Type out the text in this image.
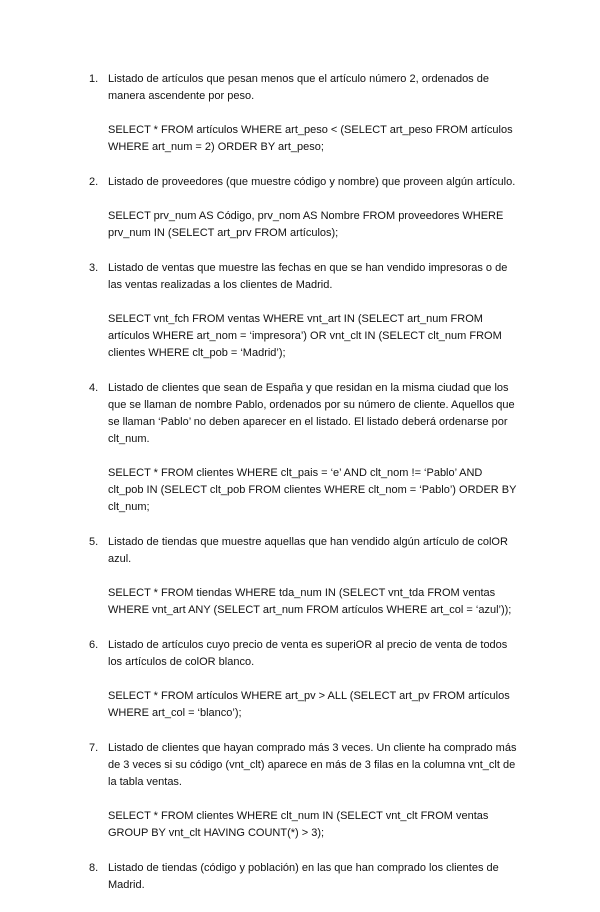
1. Listado de artículos que pesan menos que el artículo número 2, ordenados de manera ascendente por peso.
SELECT * FROM artículos WHERE art_peso < (SELECT art_peso FROM artículos WHERE art_num = 2) ORDER BY art_peso;
2. Listado de proveedores (que muestre código y nombre) que proveen algún artículo.
SELECT prv_num AS Código, prv_nom AS Nombre FROM proveedores WHERE prv_num IN (SELECT art_prv FROM artículos);
3. Listado de ventas que muestre las fechas en que se han vendido impresoras o de las ventas realizadas a los clientes de Madrid.
SELECT vnt_fch FROM ventas WHERE vnt_art IN (SELECT art_num FROM artículos WHERE art_nom = ‘impresora’) OR vnt_clt IN (SELECT clt_num FROM clientes WHERE clt_pob = ‘Madrid’);
4. Listado de clientes que sean de España y que residan en la misma ciudad que los que se llaman de nombre Pablo, ordenados por su número de cliente. Aquellos que se llaman ‘Pablo’ no deben aparecer en el listado. El listado deberá ordenarse por clt_num.
SELECT * FROM clientes WHERE clt_pais = ‘e’ AND clt_nom != ‘Pablo’ AND clt_pob IN (SELECT clt_pob FROM clientes WHERE clt_nom = ‘Pablo’) ORDER BY clt_num;
5. Listado de tiendas que muestre aquellas que han vendido algún artículo de colOR azul.
SELECT * FROM tiendas WHERE tda_num IN (SELECT vnt_tda FROM ventas WHERE vnt_art ANY (SELECT art_num FROM artículos WHERE art_col = ‘azul’));
6. Listado de artículos cuyo precio de venta es superiOR al precio de venta de todos los artículos de colOR blanco.
SELECT * FROM artículos WHERE art_pv > ALL (SELECT art_pv FROM artículos WHERE art_col = ‘blanco’);
7. Listado de clientes que hayan comprado más 3 veces. Un cliente ha comprado más de 3 veces si su código (vnt_clt) aparece en más de 3 filas en la columna vnt_clt de la tabla ventas.
SELECT * FROM clientes WHERE clt_num IN (SELECT vnt_clt FROM ventas GROUP BY vnt_clt HAVING COUNT(*) > 3);
8. Listado de tiendas (código y población) en las que han comprado los clientes de Madrid.
